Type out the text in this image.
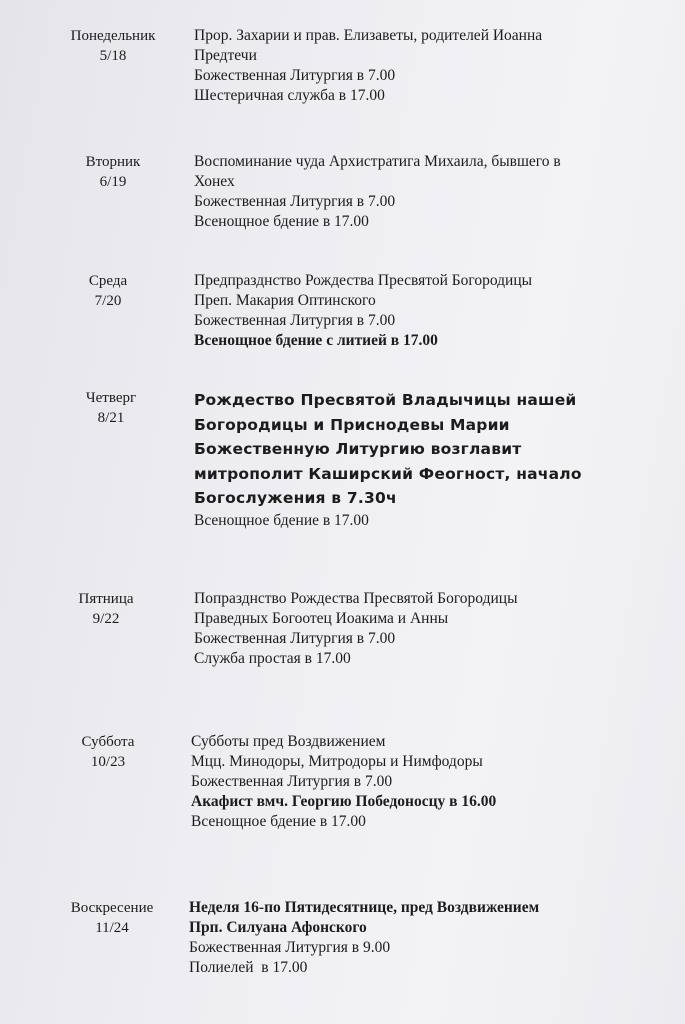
Понедельник
5/18
Прор. Захарии и прав. Елизаветы, родителей Иоанна
Предтечи
Божественная Литургия в 7.00
Шестеричная служба в 17.00
Вторник
6/19
Воспоминание чуда Архистратига Михаила, бывшего в
Хонех
Божественная Литургия в 7.00
Всенощное бдение в 17.00
Среда
7/20
Предпразднство Рождества Пресвятой Богородицы
Преп. Макария Оптинского
Божественная Литургия в 7.00
Всенощное бдение с литией в 17.00
Четверг
8/21
Рождество Пресвятой Владычицы нашей
Богородицы и Приснодевы Марии
Божественную Литургию возглавит
митрополит Каширский Феогност, начало
Богослужения в 7.30ч
Всенощное бдение в 17.00
Пятница
9/22
Попразднство Рождества Пресвятой Богородицы
Праведных Богоотец Иоакима и Анны
Божественная Литургия в 7.00
Служба простая в 17.00
Суббота
10/23
Субботы пред Воздвижением
Мцц. Минодоры, Митродоры и Нимфодоры
Божественная Литургия в 7.00
Акафист вмч. Георгию Победоносцу в 16.00
Всенощное бдение в 17.00
Воскресение
11/24
Неделя 16-по Пятидесятнице, пред Воздвижением
Прп. Силуана Афонского
Божественная Литургия в 9.00
Полиелей  в 17.00
